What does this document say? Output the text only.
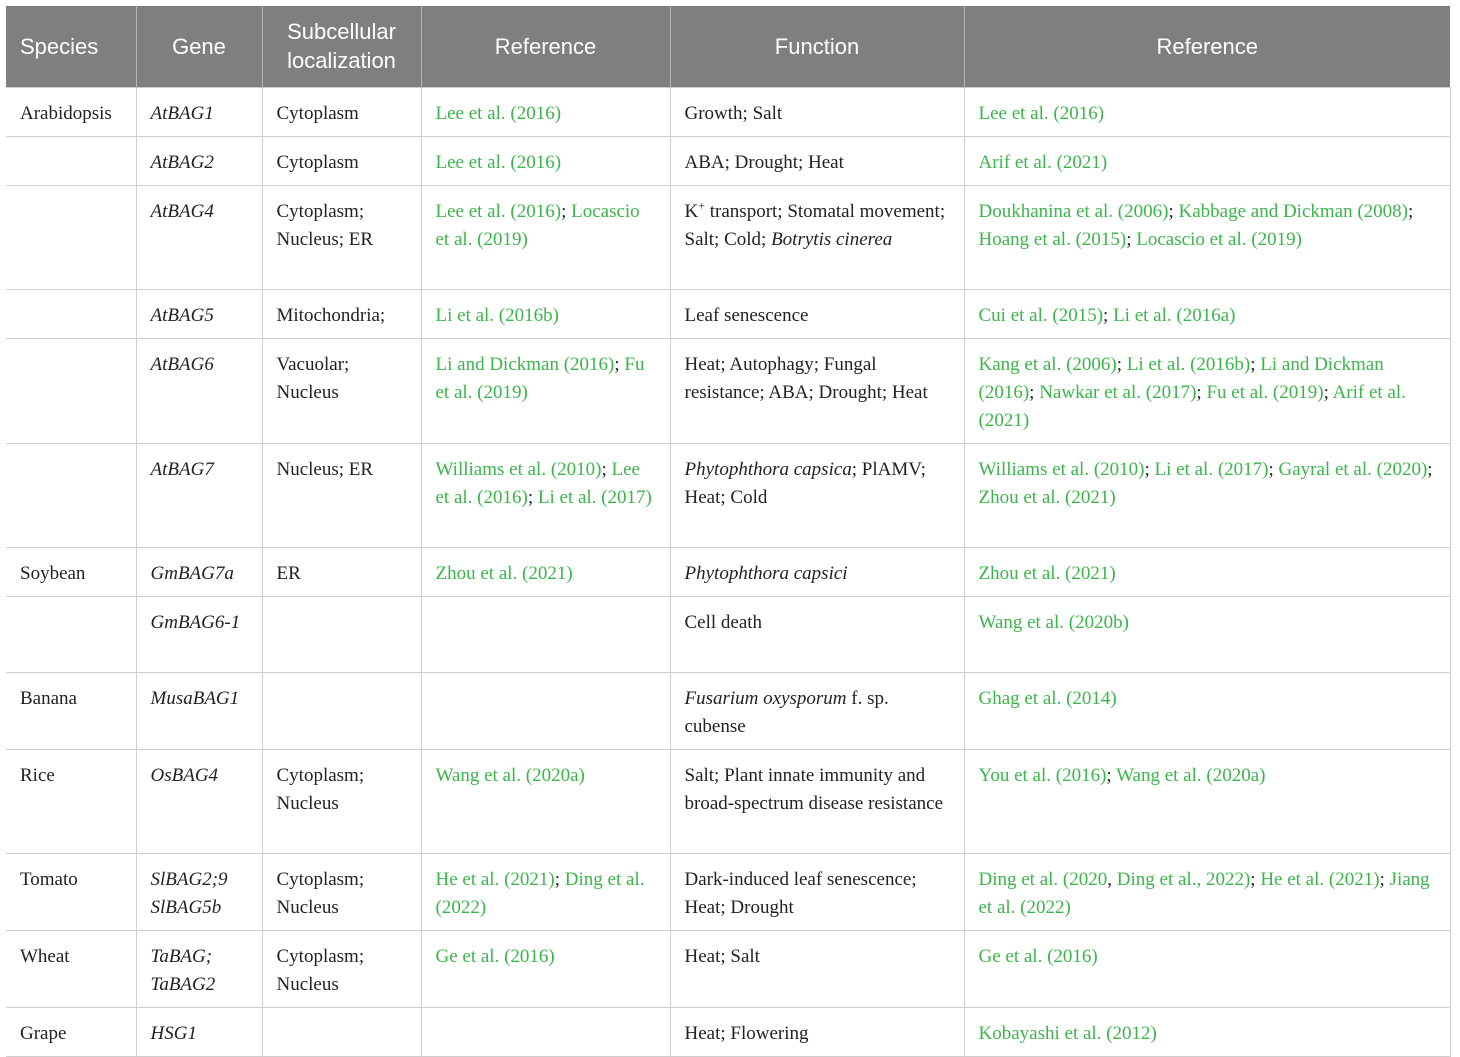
Species	Gene	Subcellular localization	Reference	Function	Reference
Arabidopsis	AtBAG1	Cytoplasm	Lee et al. (2016)	Growth; Salt	Lee et al. (2016)
	AtBAG2	Cytoplasm	Lee et al. (2016)	ABA; Drought; Heat	Arif et al. (2021)
	AtBAG4	Cytoplasm; Nucleus; ER	Lee et al. (2016); Locascio et al. (2019)	K+ transport; Stomatal movement; Salt; Cold; Botrytis cinerea	Doukhanina et al. (2006); Kabbage and Dickman (2008); Hoang et al. (2015); Locascio et al. (2019)
	AtBAG5	Mitochondria;	Li et al. (2016b)	Leaf senescence	Cui et al. (2015); Li et al. (2016a)
	AtBAG6	Vacuolar; Nucleus	Li and Dickman (2016); Fu et al. (2019)	Heat; Autophagy; Fungal resistance; ABA; Drought; Heat	Kang et al. (2006); Li et al. (2016b); Li and Dickman (2016); Nawkar et al. (2017); Fu et al. (2019); Arif et al. (2021)
	AtBAG7	Nucleus; ER	Williams et al. (2010); Lee et al. (2016); Li et al. (2017)	Phytophthora capsica; PlAMV; Heat; Cold	Williams et al. (2010); Li et al. (2017); Gayral et al. (2020); Zhou et al. (2021)
Soybean	GmBAG7a	ER	Zhou et al. (2021)	Phytophthora capsici	Zhou et al. (2021)
	GmBAG6-1			Cell death	Wang et al. (2020b)
Banana	MusaBAG1			Fusarium oxysporum f. sp. cubense	Ghag et al. (2014)
Rice	OsBAG4	Cytoplasm; Nucleus	Wang et al. (2020a)	Salt; Plant innate immunity and broad-spectrum disease resistance	You et al. (2016); Wang et al. (2020a)
Tomato	SlBAG2;9 SlBAG5b	Cytoplasm; Nucleus	He et al. (2021); Ding et al. (2022)	Dark-induced leaf senescence; Heat; Drought	Ding et al. (2020, Ding et al., 2022); He et al. (2021); Jiang et al. (2022)
Wheat	TaBAG; TaBAG2	Cytoplasm; Nucleus	Ge et al. (2016)	Heat; Salt	Ge et al. (2016)
Grape	HSG1			Heat; Flowering	Kobayashi et al. (2012)
